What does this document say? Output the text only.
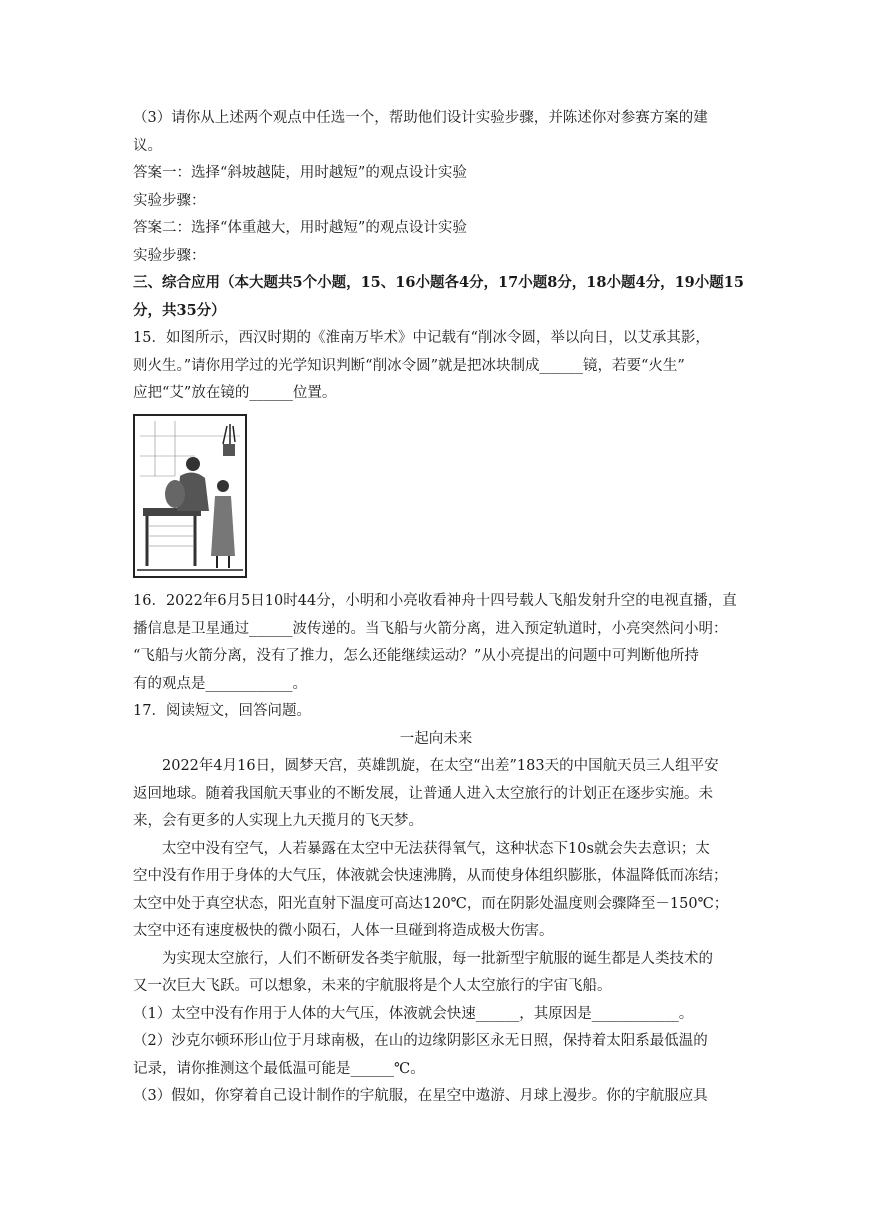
（3）请你从上述两个观点中任选一个，帮助他们设计实验步骤，并陈述你对参赛方案的建
议。
答案一：选择“斜坡越陡，用时越短”的观点设计实验
实验步骤：
答案二：选择“体重越大，用时越短”的观点设计实验
实验步骤：
三、综合应用（本大题共5个小题，15、16小题各4分，17小题8分，18小题4分，19小题15
分，共35分）
15．如图所示，西汉时期的《淮南万毕术》中记载有“削冰令圆，举以向日，以艾承其影，
则火生。”请你用学过的光学知识判断“削冰令圆”就是把冰块制成______镜，若要“火生”
应把“艾”放在镜的______位置。
16．2022年6月5日10时44分，小明和小亮收看神舟十四号载人飞船发射升空的电视直播，直
播信息是卫星通过______波传递的。当飞船与火箭分离，进入预定轨道时，小亮突然问小明：
“飞船与火箭分离，没有了推力，怎么还能继续运动？”从小亮提出的问题中可判断他所持
有的观点是____________。
17．阅读短文，回答问题。
一起向未来
2022年4月16日，圆梦天宫，英雄凯旋，在太空“出差”183天的中国航天员三人组平安
返回地球。随着我国航天事业的不断发展，让普通人进入太空旅行的计划正在逐步实施。未
来，会有更多的人实现上九天揽月的飞天梦。
太空中没有空气，人若暴露在太空中无法获得氧气，这种状态下10s就会失去意识；太
空中没有作用于身体的大气压，体液就会快速沸腾，从而使身体组织膨胀，体温降低而冻结；
太空中处于真空状态，阳光直射下温度可高达120℃，而在阴影处温度则会骤降至－150℃；
太空中还有速度极快的微小陨石，人体一旦碰到将造成极大伤害。
为实现太空旅行，人们不断研发各类宇航服，每一批新型宇航服的诞生都是人类技术的
又一次巨大飞跃。可以想象，未来的宇航服将是个人太空旅行的宇宙飞船。
（1）太空中没有作用于人体的大气压，体液就会快速______，其原因是____________。
（2）沙克尔顿环形山位于月球南极，在山的边缘阴影区永无日照，保持着太阳系最低温的
记录，请你推测这个最低温可能是______℃。
（3）假如，你穿着自己设计制作的宇航服，在星空中遨游、月球上漫步。你的宇航服应具
